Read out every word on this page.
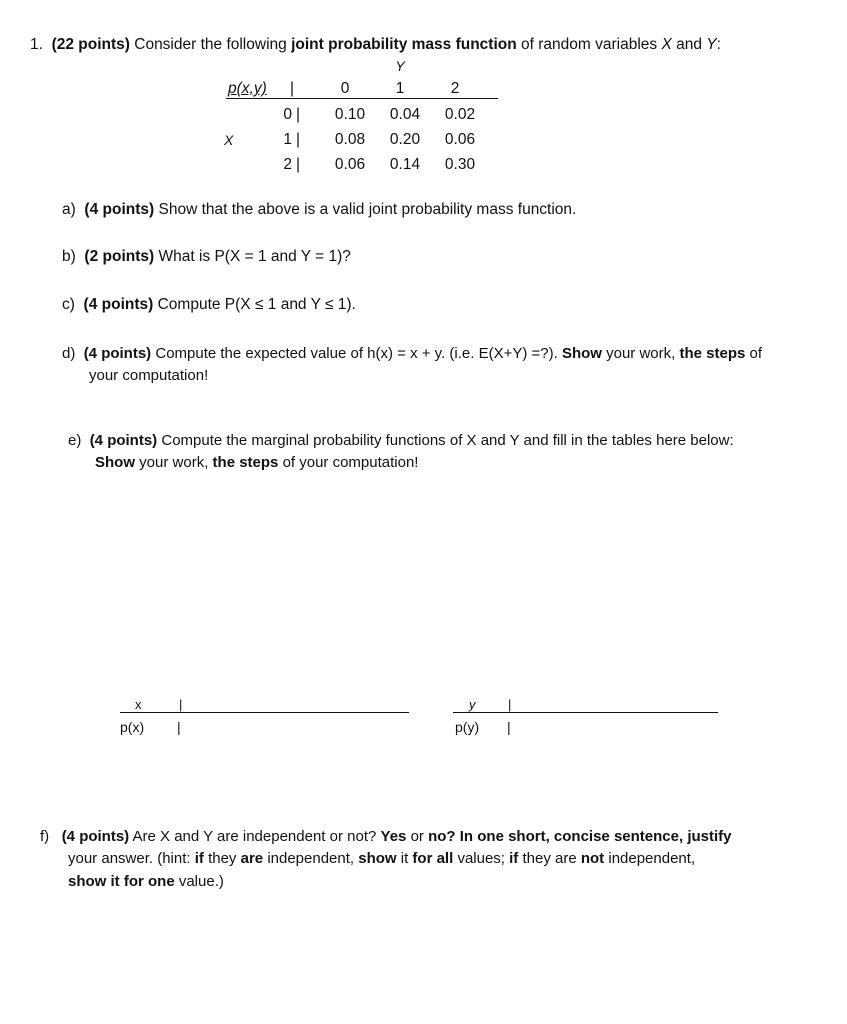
1. (22 points) Consider the following joint probability mass function of random variables X and Y:
Y
p(x,y) |	0	1	2
X
0 |	0.10	0.04	0.02
1 |	0.08	0.20	0.06
2 |	0.06	0.14	0.30
a) (4 points) Show that the above is a valid joint probability mass function.
b) (2 points) What is P(X = 1 and Y = 1)?
c) (4 points) Compute P(X ≤ 1 and Y ≤ 1).
d) (4 points) Compute the expected value of h(x) = x + y. (i.e. E(X+Y) =?). Show your work, the steps of
your computation!
e) (4 points) Compute the marginal probability functions of X and Y and fill in the tables here below:
Show your work, the steps of your computation!
x	|
p(x) |
y	|
p(y) |
f) (4 points) Are X and Y are independent or not? Yes or no? In one short, concise sentence, justify
your answer. (hint: if they are independent, show it for all values; if they are not independent,
show it for one value.)
